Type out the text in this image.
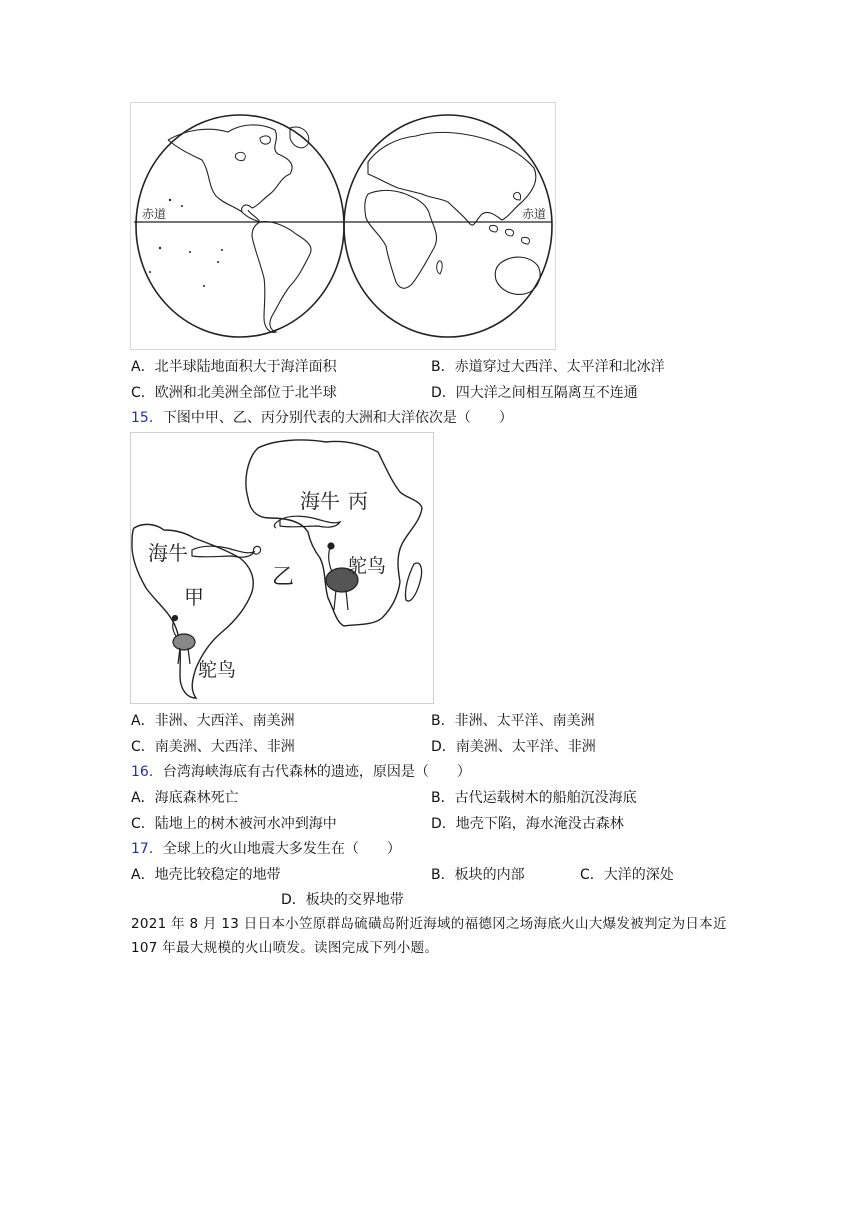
赤道	赤道
A．北半球陆地面积大于海洋面积	B．赤道穿过大西洋、太平洋和北冰洋
C．欧洲和北美洲全部位于北半球	D．四大洋之间相互隔离互不连通
15．下图中甲、乙、丙分别代表的大洲和大洋依次是（　　）
海牛 丙
海牛
甲
乙	鸵鸟
鸵鸟
A．非洲、大西洋、南美洲	B．非洲、太平洋、南美洲
C．南美洲、大西洋、非洲	D．南美洲、太平洋、非洲
16．台湾海峡海底有古代森林的遗迹，原因是（　　）
A．海底森林死亡	B．古代运载树木的船舶沉没海底
C．陆地上的树木被河水冲到海中	D．地壳下陷，海水淹没古森林
17．全球上的火山地震大多发生在（　　）
A．地壳比较稳定的地带	B．板块的内部	C．大洋的深处
D．板块的交界地带
2021 年 8 月 13 日日本小笠原群岛硫磺岛附近海域的福德冈之场海底火山大爆发被判定为日本近 107 年最大规模的火山喷发。读图完成下列小题。
